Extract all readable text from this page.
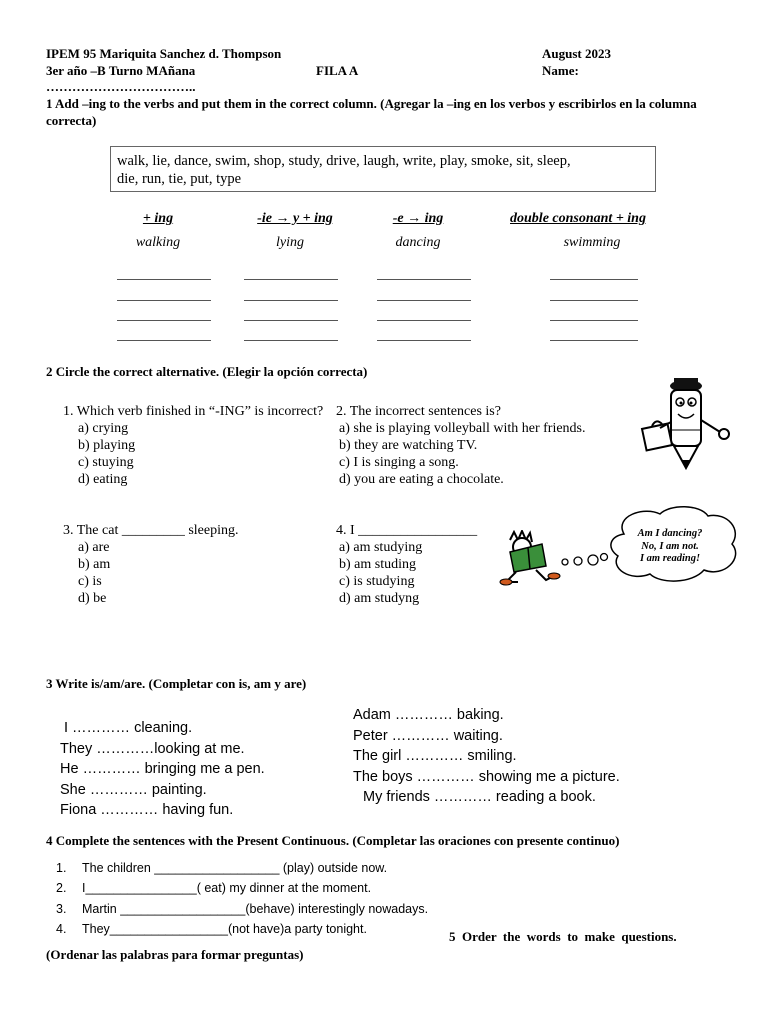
IPEM 95 Mariquita Sanchez d. Thompson	August 2023
3er año –B Turno MAñana	FILA A	Name:
……………………………..
1 Add –ing to the verbs and put them in the correct column. (Agregar la –ing en los verbos y escribirlos en la columna correcta)
walk, lie, dance, swim, shop, study, drive, laugh, write, play, smoke, sit, sleep,
die, run, tie, put, type
+ ing	-ie → y + ing	-e → ing	double consonant + ing
walking	lying	dancing	swimming
2 Circle the correct alternative. (Elegir la opción correcta)
1. Which verb finished in “-ING” is incorrect?
a) crying
b) playing
c) stuying
d) eating
2. The incorrect sentences is?
a) she is playing volleyball with her friends.
b) they are watching TV.
c) I is singing a song.
d) you are eating a chocolate.
3. The cat _________ sleeping.
a) are
b) am
c) is
d) be
4. I _________________
a) am studying
b) am studing
c) is studying
d) am studyng
Am I dancing?
No, I am not.
I am reading!
3 Write is/am/are. (Completar con is, am y are)
I ………… cleaning.
They …………looking at me.
He ………… bringing me a pen.
She ………… painting.
Fiona ………… having fun.
Adam ………… baking.
Peter ………… waiting.
The girl ………… smiling.
The boys ………… showing me a picture.
My friends ………… reading a book.
4 Complete the sentences with the Present Continuous. (Completar las oraciones con presente continuo)
1. The children __________________ (play) outside now.
2. I________________( eat) my dinner at the moment.
3. Martin __________________(behave) interestingly nowadays.
4. They_________________(not have)a party tonight.
5  Order  the  words  to  make  questions.
(Ordenar las palabras para formar preguntas)
